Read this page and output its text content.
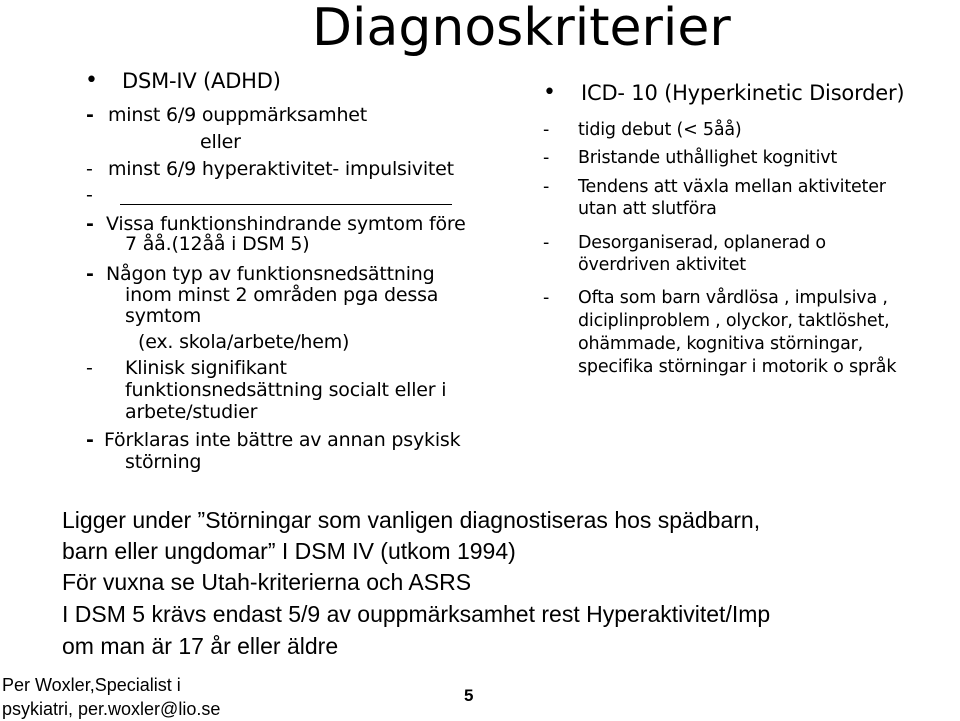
Diagnoskriterier
• DSM-IV (ADHD)
- minst 6/9 ouppmärksamhet
eller
- minst 6/9 hyperaktivitet- impulsivitet
-
- Vissa funktionshindrande symtom före
7 åå.(12åå i DSM 5)
- Någon typ av funktionsnedsättning
inom minst 2 områden pga dessa
symtom
(ex. skola/arbete/hem)
- Klinisk signifikant
funktionsnedsättning socialt eller i
arbete/studier
- Förklaras inte bättre av annan psykisk
störning
• ICD- 10 (Hyperkinetic Disorder)
- tidig debut (< 5åå)
- Bristande uthållighet kognitivt
- Tendens att växla mellan aktiviteter
utan att slutföra
- Desorganiserad, oplanerad o
överdriven aktivitet
- Ofta som barn vårdlösa , impulsiva ,
diciplinproblem , olyckor, taktlöshet,
ohämmade, kognitiva störningar,
specifika störningar i motorik o språk
Ligger under ”Störningar som vanligen diagnostiseras hos spädbarn,
barn eller ungdomar” I DSM IV (utkom 1994)
För vuxna se Utah-kriterierna och ASRS
I DSM 5 krävs endast 5/9 av ouppmärksamhet rest Hyperaktivitet/Imp
om man är 17 år eller äldre
Per Woxler,Specialist i
psykiatri, per.woxler@lio.se
5
